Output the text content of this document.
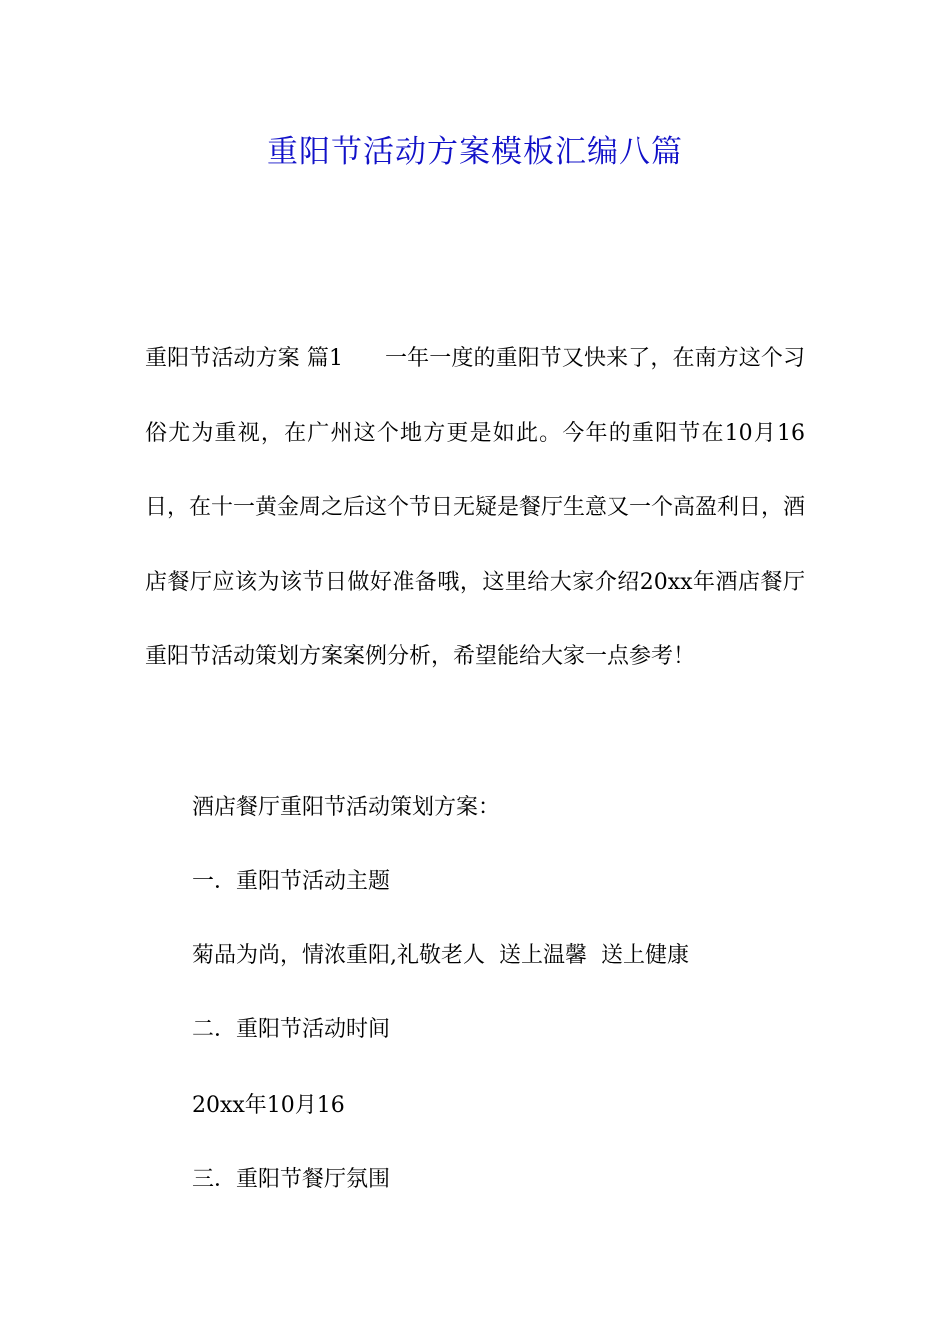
重阳节活动方案模板汇编八篇
重阳节活动方案 篇1 一年一度的重阳节又快来了，在南方这个习俗尤为重视，在广州这个地方更是如此。今年的重阳节在10月16日，在十一黄金周之后这个节日无疑是餐厅生意又一个高盈利日，酒店餐厅应该为该节日做好准备哦，这里给大家介绍20xx年酒店餐厅重阳节活动策划方案案例分析，希望能给大家一点参考！
酒店餐厅重阳节活动策划方案：
一．重阳节活动主题
菊品为尚，情浓重阳,礼敬老人  送上温馨  送上健康
二．重阳节活动时间
20xx年10月16
三．重阳节餐厅氛围
